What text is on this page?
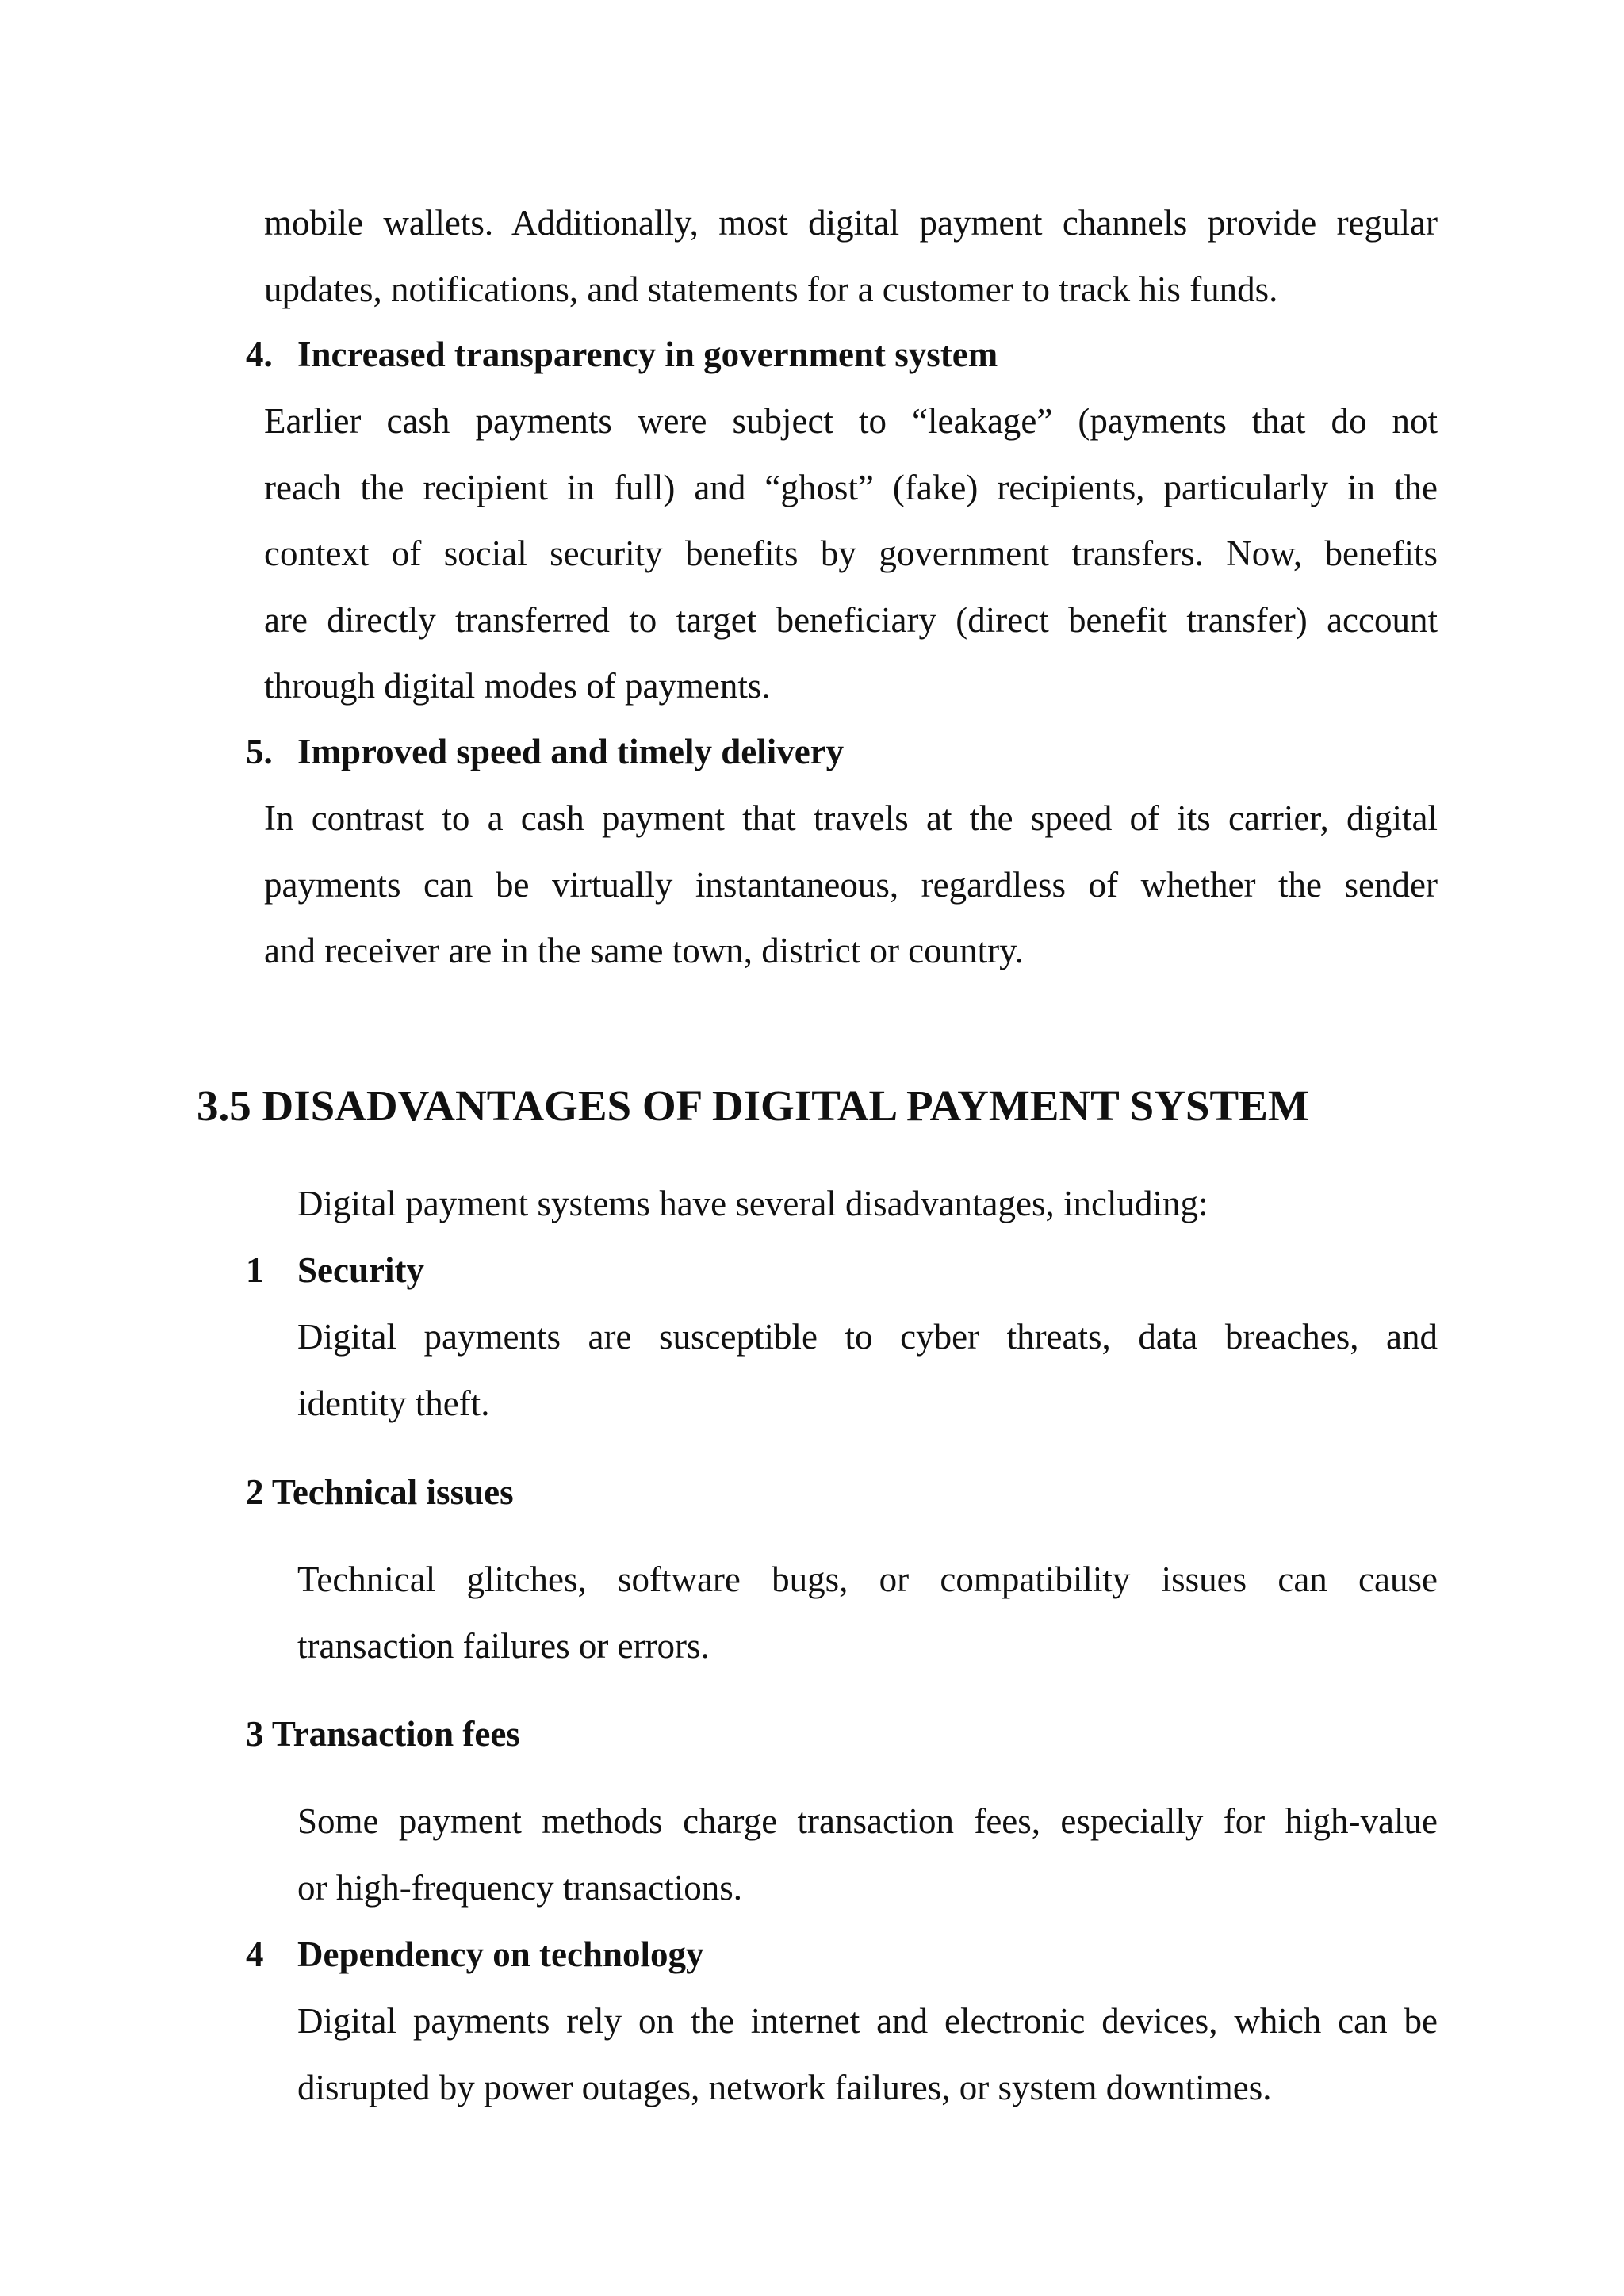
mobile wallets. Additionally, most digital payment channels provide regular

updates, notifications, and statements for a customer to track his funds.

4. Increased transparency in government system

Earlier cash payments were subject to “leakage” (payments that do not

reach the recipient in full) and “ghost” (fake) recipients, particularly in the

context of social security benefits by government transfers. Now, benefits

are directly transferred to target beneficiary (direct benefit transfer) account

through digital modes of payments.

5. Improved speed and timely delivery

In contrast to a cash payment that travels at the speed of its carrier, digital

payments can be virtually instantaneous, regardless of whether the sender

and receiver are in the same town, district or country.

3.5 DISADVANTAGES OF DIGITAL PAYMENT SYSTEM
Digital payment systems have several disadvantages, including:
1 Security

Digital payments are susceptible to cyber threats, data breaches, and

identity theft.

2 Technical issues

Technical glitches, software bugs, or compatibility issues can cause

transaction failures or errors.

3 Transaction fees

Some payment methods charge transaction fees, especially for high-value

or high-frequency transactions.

4 Dependency on technology

Digital payments rely on the internet and electronic devices, which can be

disrupted by power outages, network failures, or system downtimes.
